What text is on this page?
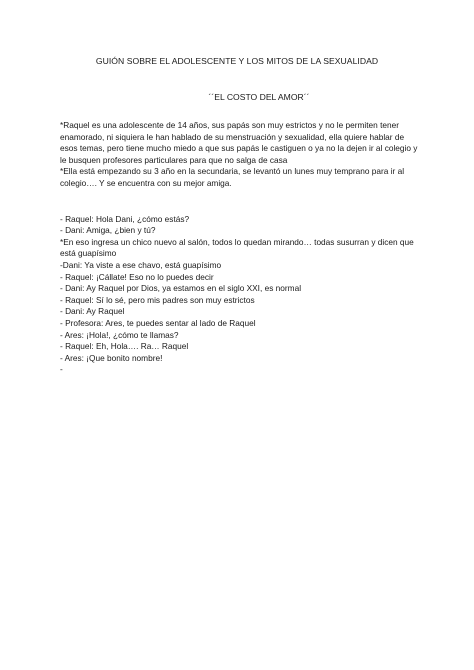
GUIÓN SOBRE EL ADOLESCENTE Y LOS MITOS DE LA SEXUALIDAD
´´EL COSTO DEL AMOR´´

*Raquel es una adolescente de 14 años, sus papás son muy estrictos y no le permiten tener enamorado, ni siquiera le han hablado de su menstruación y sexualidad, ella quiere hablar de esos temas, pero tiene mucho miedo a que sus papás le castiguen o ya no la dejen ir al colegio y le busquen profesores particulares para que no salga de casa

*Ella está empezando su 3 año en la secundaria, se levantó un lunes muy temprano para ir al colegio…. Y se encuentra con su mejor amiga.

- Raquel: Hola Dani, ¿cómo estás?

- Dani: Amiga, ¿bien y tú?

*En eso ingresa un chico nuevo al salón, todos lo quedan mirando… todas susurran y dicen que está guapísimo

-Dani: Ya viste a ese chavo, está guapísimo

- Raquel: ¡Cállate! Eso no lo puedes decir

- Dani: Ay Raquel por Dios, ya estamos en el siglo XXI, es normal

- Raquel: Sí lo sé, pero mis padres son muy estrictos

- Dani: Ay Raquel

- Profesora: Ares, te puedes sentar al lado de Raquel

- Ares: ¡Hola!, ¿cómo te llamas?

- Raquel: Eh, Hola…. Ra… Raquel

- Ares: ¡Que bonito nombre!

-
